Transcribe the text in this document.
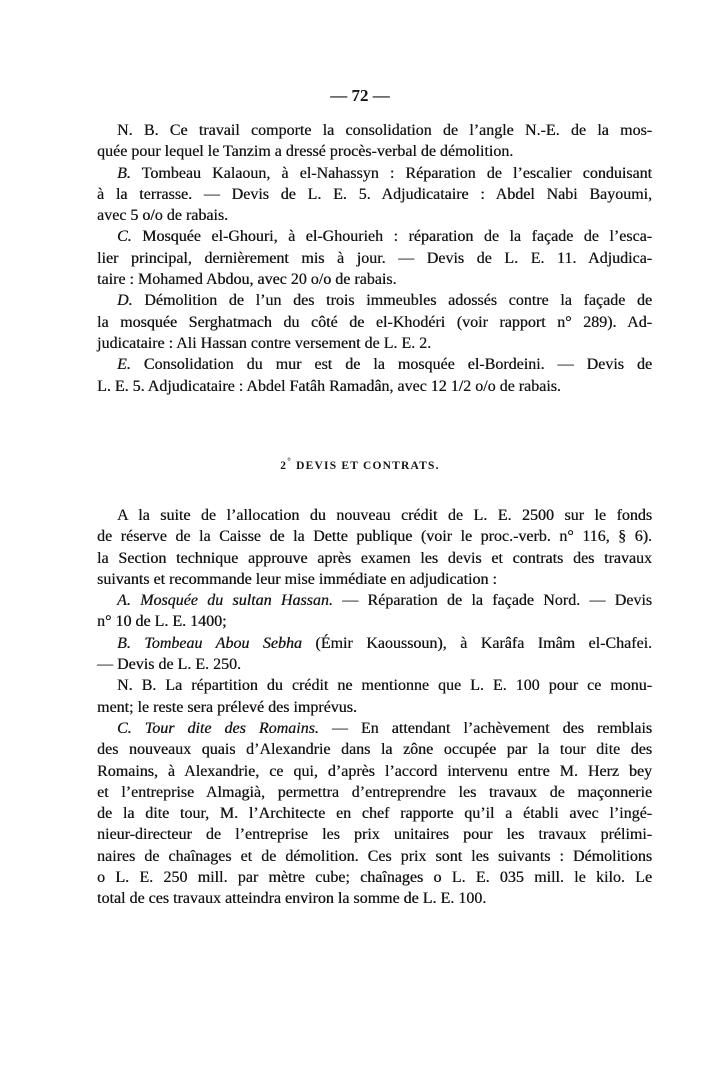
— 72 —
N. B. Ce travail comporte la consolidation de l’angle N.-E. de la mos-
quée pour lequel le Tanzim a dressé procès-verbal de démolition.
B. Tombeau Kalaoun, à el-Nahassyn : Réparation de l’escalier conduisant
à la terrasse. — Devis de L. E. 5. Adjudicataire : Abdel Nabi Bayoumi,
avec 5 o/o de rabais.
C. Mosquée el-Ghouri, à el-Ghourieh : réparation de la façade de l’esca-
lier principal, dernièrement mis à jour. — Devis de L. E. 11. Adjudica-
taire : Mohamed Abdou, avec 20 o/o de rabais.
D. Démolition de l’un des trois immeubles adossés contre la façade de
la mosquée Serghatmach du côté de el-Khodéri (voir rapport n° 289). Ad-
judicataire : Ali Hassan contre versement de L. E. 2.
E. Consolidation du mur est de la mosquée el-Bordeini. — Devis de
L. E. 5. Adjudicataire : Abdel Fatâh Ramadân, avec 12 1/2 o/o de rabais.
2° DEVIS ET CONTRATS.
A la suite de l’allocation du nouveau crédit de L. E. 2500 sur le fonds
de réserve de la Caisse de la Dette publique (voir le proc.-verb. n° 116, § 6).
la Section technique approuve après examen les devis et contrats des travaux
suivants et recommande leur mise immédiate en adjudication :
A. Mosquée du sultan Hassan. — Réparation de la façade Nord. — Devis
n° 10 de L. E. 1400;
B. Tombeau Abou Sebha (Émir Kaoussoun), à Karâfa Imâm el-Chafei.
— Devis de L. E. 250.
N. B. La répartition du crédit ne mentionne que L. E. 100 pour ce monu-
ment; le reste sera prélevé des imprévus.
C. Tour dite des Romains. — En attendant l’achèvement des remblais
des nouveaux quais d’Alexandrie dans la zône occupée par la tour dite des
Romains, à Alexandrie, ce qui, d’après l’accord intervenu entre M. Herz bey
et l’entreprise Almagià, permettra d’entreprendre les travaux de maçonnerie
de la dite tour, M. l’Architecte en chef rapporte qu’il a établi avec l’ingé-
nieur-directeur de l’entreprise les prix unitaires pour les travaux prélimi-
naires de chaînages et de démolition. Ces prix sont les suivants : Démolitions
o L. E. 250 mill. par mètre cube; chaînages o L. E. 035 mill. le kilo. Le
total de ces travaux atteindra environ la somme de L. E. 100.
